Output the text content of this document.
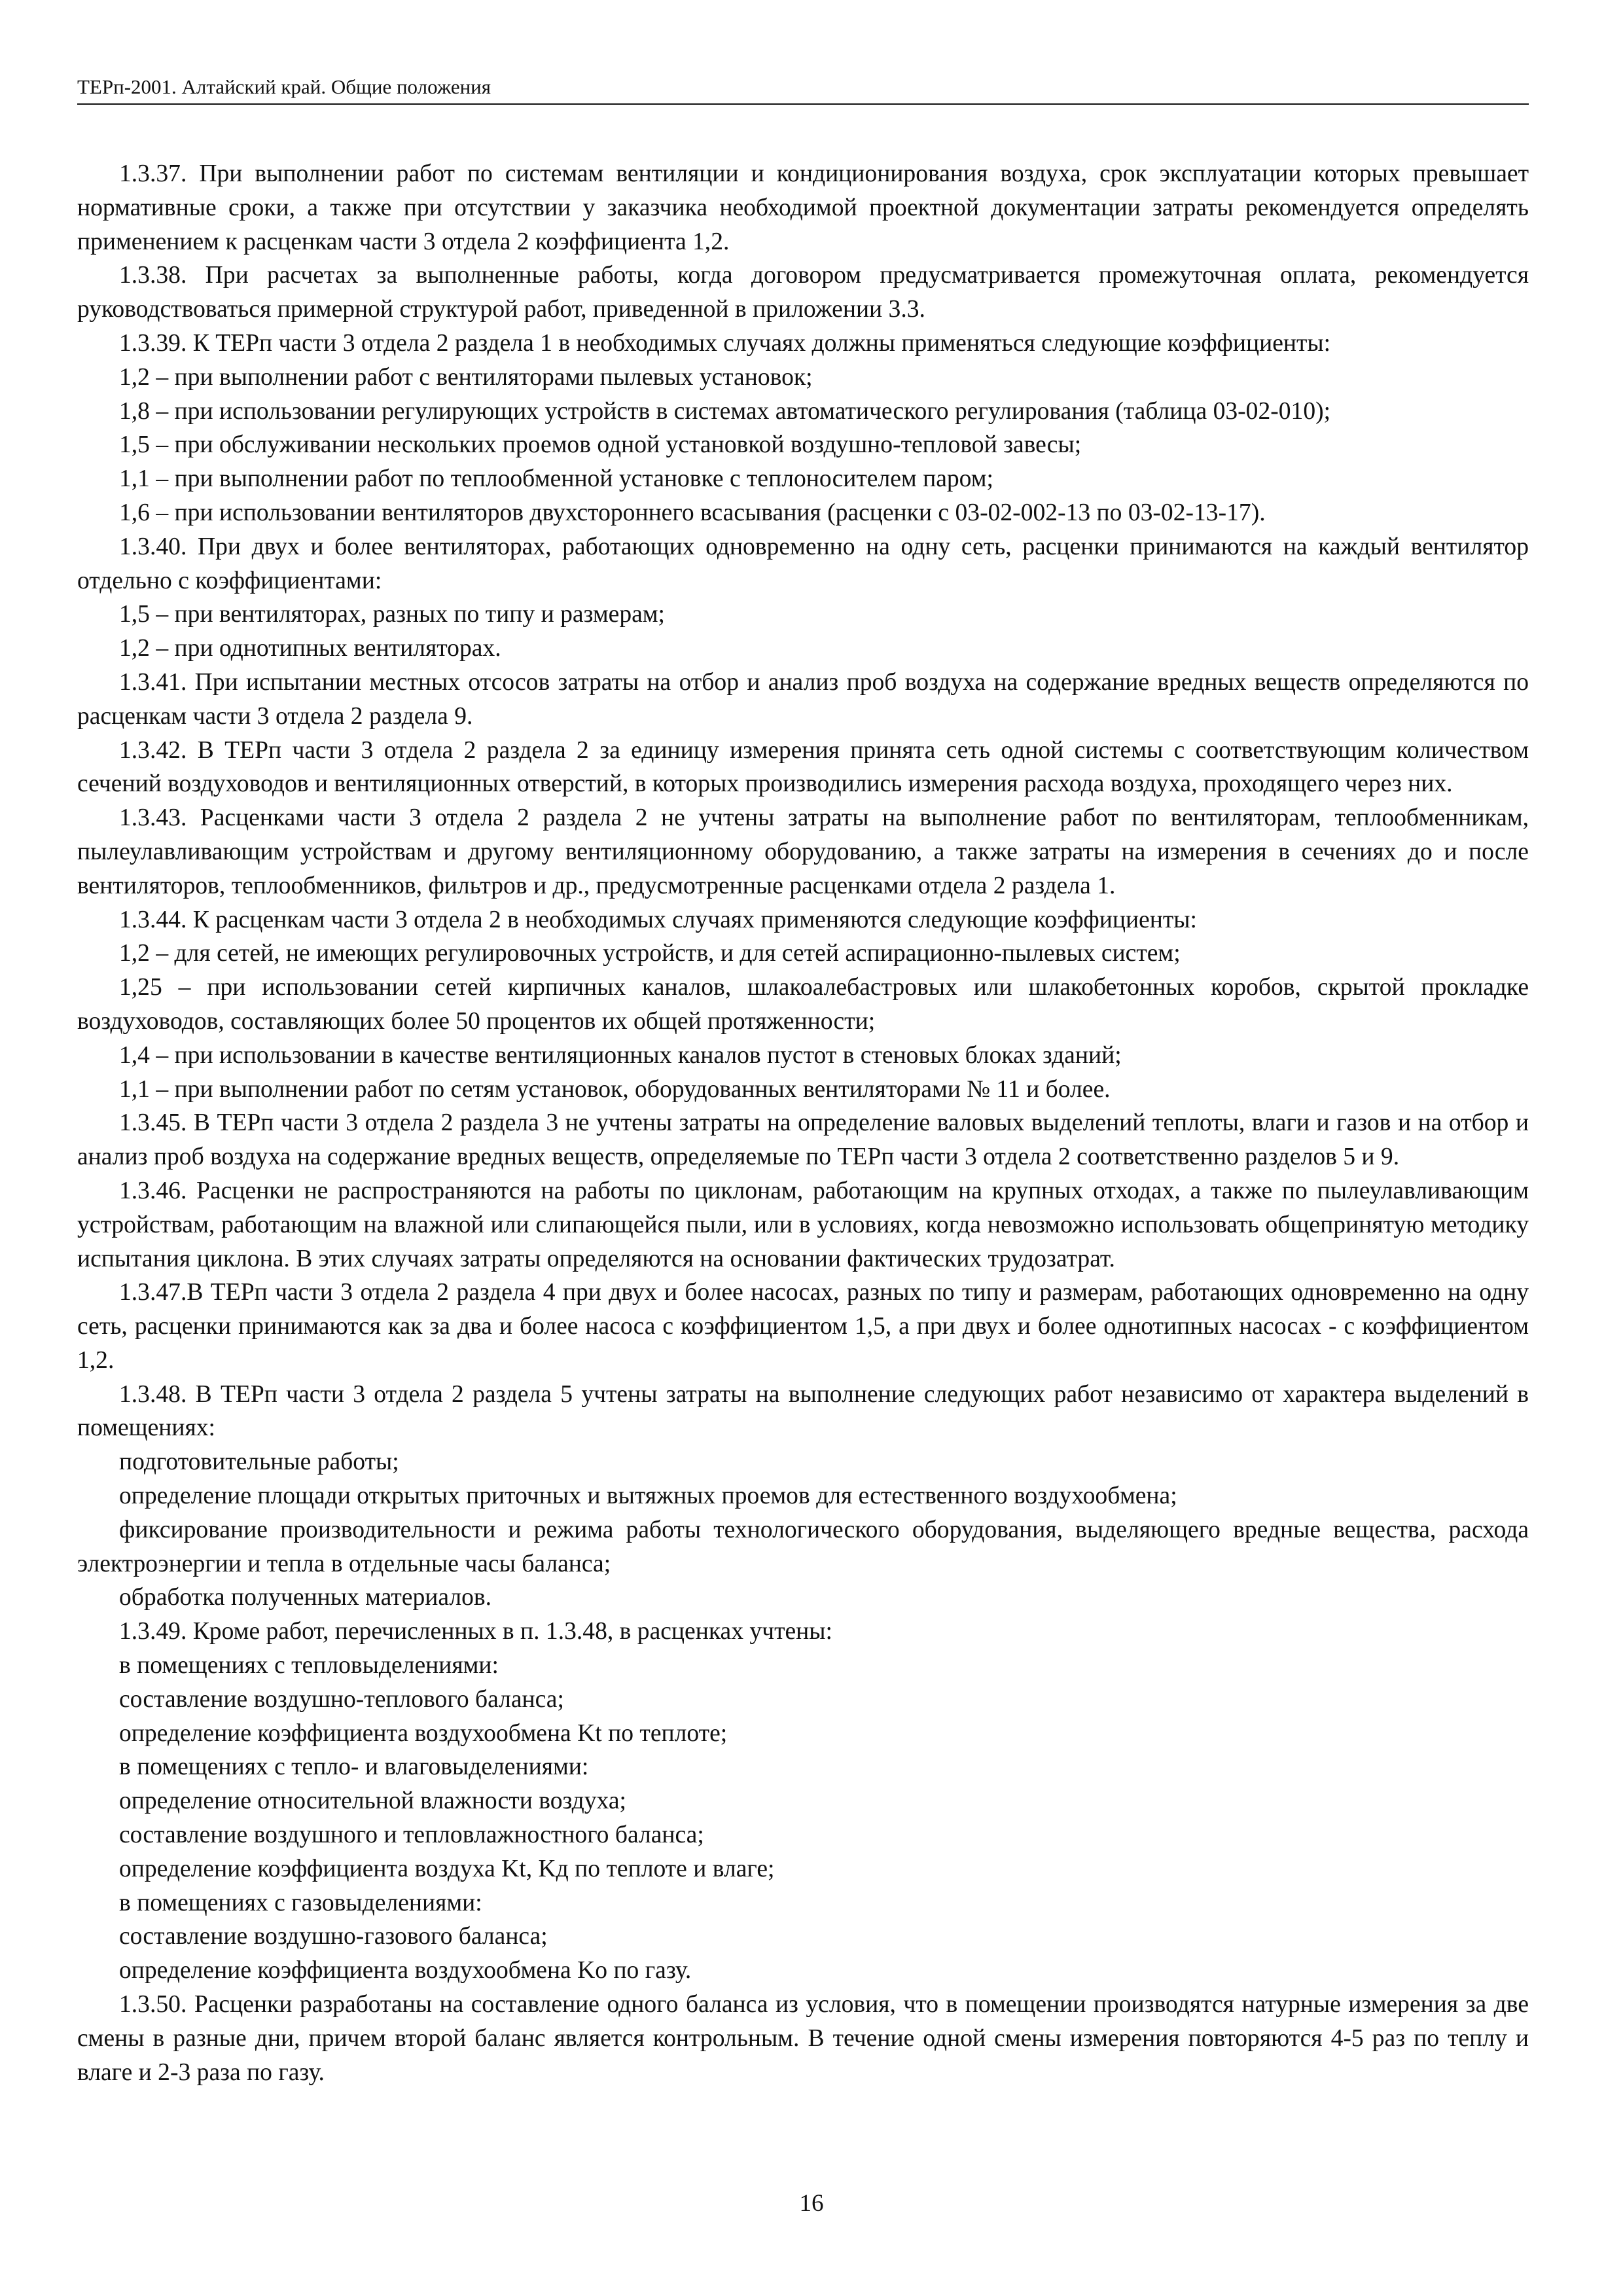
ТЕРп-2001. Алтайский край. Общие положения

1.3.37. При выполнении работ по системам вентиляции и кондиционирования воздуха, срок эксплуатации которых превышает нормативные сроки, а также при отсутствии у заказчика необходимой проектной документации затраты рекомендуется определять применением к расценкам части 3 отдела 2 коэффициента 1,2.

1.3.38. При расчетах за выполненные работы, когда договором предусматривается промежуточная оплата, рекомендуется руководствоваться примерной структурой работ, приведенной в приложении 3.3.

1.3.39. К ТЕРп части 3 отдела 2 раздела 1 в необходимых случаях должны применяться следующие коэффициенты:

1,2 – при выполнении работ с вентиляторами пылевых установок;

1,8 – при использовании регулирующих устройств в системах автоматического регулирования (таблица 03-02-010);

1,5 – при обслуживании нескольких проемов одной установкой воздушно-тепловой завесы;

1,1 – при выполнении работ по теплообменной установке с теплоносителем паром;

1,6 – при использовании вентиляторов двухстороннего всасывания (расценки с 03-02-002-13 по 03-02-13-17).

1.3.40. При двух и более вентиляторах, работающих одновременно на одну сеть, расценки принимаются на каждый вентилятор отдельно с коэффициентами:

1,5 – при вентиляторах, разных по типу и размерам;

1,2 – при однотипных вентиляторах.

1.3.41. При испытании местных отсосов затраты на отбор и анализ проб воздуха на содержание вредных веществ определяются по расценкам части 3 отдела 2 раздела 9.

1.3.42. В ТЕРп части 3 отдела 2 раздела 2 за единицу измерения принята сеть одной системы с соответствующим количеством сечений воздуховодов и вентиляционных отверстий, в которых производились измерения расхода воздуха, проходящего через них.

1.3.43. Расценками части 3 отдела 2 раздела 2 не учтены затраты на выполнение работ по вентиляторам, теплообменникам, пылеулавливающим устройствам и другому вентиляционному оборудованию, а также затраты на измерения в сечениях до и после вентиляторов, теплообменников, фильтров и др., предусмотренные расценками отдела 2 раздела 1.

1.3.44. К расценкам части 3 отдела 2 в необходимых случаях применяются следующие коэффициенты:

1,2 – для сетей, не имеющих регулировочных устройств, и для сетей аспирационно-пылевых систем;

1,25 – при использовании сетей кирпичных каналов, шлакоалебастровых или шлакобетонных коробов, скрытой прокладке воздуховодов, составляющих более 50 процентов их общей протяженности;

1,4 – при использовании в качестве вентиляционных каналов пустот в стеновых блоках зданий;

1,1 – при выполнении работ по сетям установок, оборудованных вентиляторами № 11 и более.

1.3.45. В ТЕРп части 3 отдела 2 раздела 3 не учтены затраты на определение валовых выделений теплоты, влаги и газов и на отбор и анализ проб воздуха на содержание вредных веществ, определяемые по ТЕРп части 3 отдела 2 соответственно разделов 5 и 9.

1.3.46. Расценки не распространяются на работы по циклонам, работающим на крупных отходах, а также по пылеулавливающим устройствам, работающим на влажной или слипающейся пыли, или в условиях, когда невозможно использовать общепринятую методику испытания циклона. В этих случаях затраты определяются на основании фактических трудозатрат.

1.3.47.В ТЕРп части 3 отдела 2 раздела 4 при двух и более насосах, разных по типу и размерам, работающих одновременно на одну сеть, расценки принимаются как за два и более насоса с коэффициентом 1,5, а при двух и более однотипных насосах - с коэффициентом 1,2.

1.3.48. В ТЕРп части 3 отдела 2 раздела 5 учтены затраты на выполнение следующих работ независимо от характера выделений в помещениях:

подготовительные работы;

определение площади открытых приточных и вытяжных проемов для естественного воздухообмена;

фиксирование производительности и режима работы технологического оборудования, выделяющего вредные вещества, расхода электроэнергии и тепла в отдельные часы баланса;

обработка полученных материалов.

1.3.49. Кроме работ, перечисленных в п. 1.3.48, в расценках учтены:

в помещениях с тепловыделениями:

составление воздушно-теплового баланса;

определение коэффициента воздухообмена Kt по теплоте;

в помещениях с тепло- и влаговыделениями:

определение относительной влажности воздуха;

составление воздушного и тепловлажностного баланса;

определение коэффициента воздуха Kt, Kд по теплоте и влаге;

в помещениях с газовыделениями:

составление воздушно-газового баланса;

определение коэффициента воздухообмена Ko по газу.

1.3.50. Расценки разработаны на составление одного баланса из условия, что в помещении производятся натурные измерения за две смены в разные дни, причем второй баланс является контрольным. В течение одной смены измерения повторяются 4-5 раз по теплу и влаге и 2-3 раза по газу.

16
